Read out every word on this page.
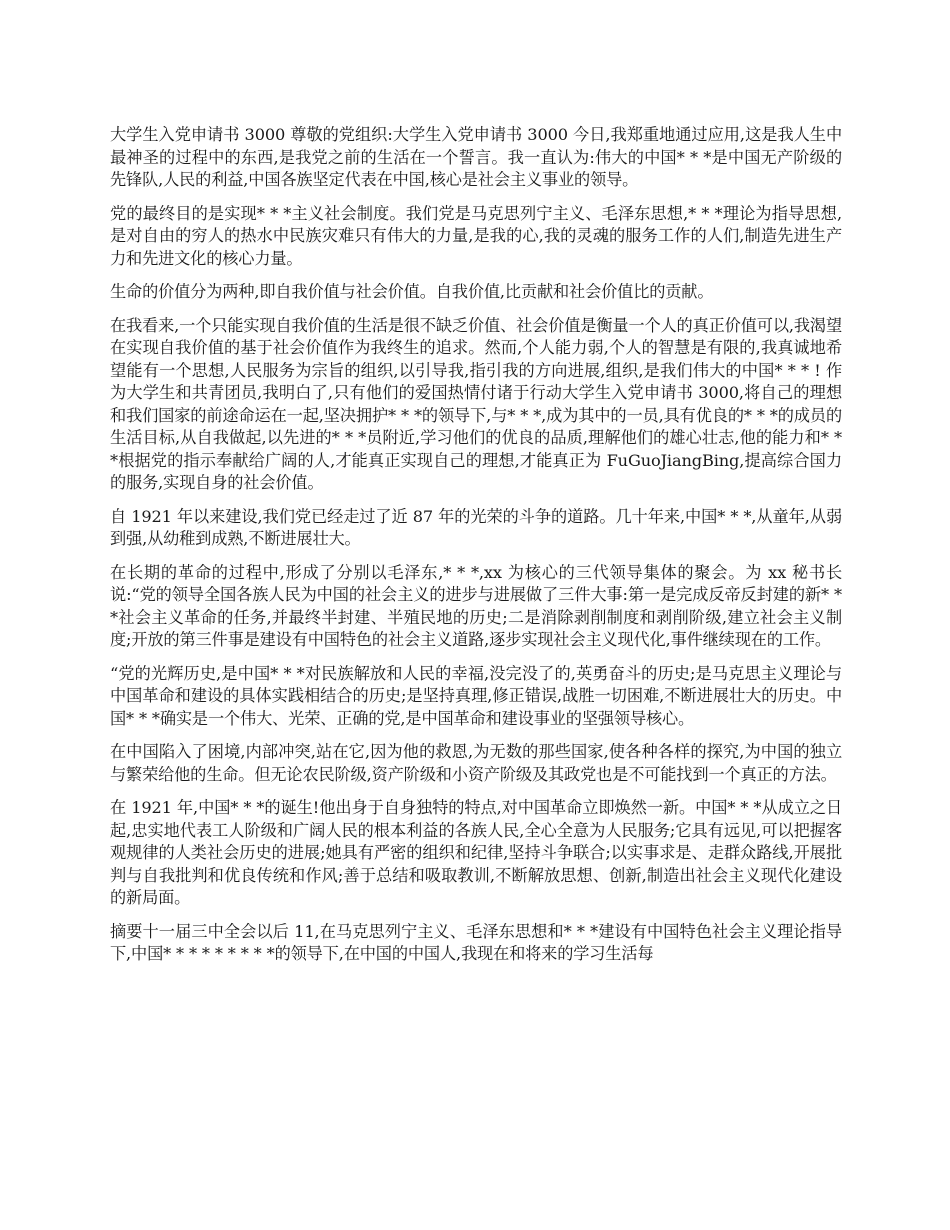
大学生入党申请书 3000 尊敬的党组织:大学生入党申请书 3000 今日,我郑重地通过应用,这是我人生中最神圣的过程中的东西,是我党之前的生活在一个誓言。我一直认为:伟大的中国* * *是中国无产阶级的先锋队,人民的利益,中国各族坚定代表在中国,核心是社会主义事业的领导。

党的最终目的是实现* * *主义社会制度。我们党是马克思列宁主义、毛泽东思想,* * *理论为指导思想,是对自由的穷人的热水中民族灾难只有伟大的力量,是我的心,我的灵魂的服务工作的人们,制造先进生产力和先进文化的核心力量。

生命的价值分为两种,即自我价值与社会价值。自我价值,比贡献和社会价值比的贡献。

在我看来,一个只能实现自我价值的生活是很不缺乏价值、社会价值是衡量一个人的真正价值可以,我渴望在实现自我价值的基于社会价值作为我终生的追求。然而,个人能力弱,个人的智慧是有限的,我真诚地希望能有一个思想,人民服务为宗旨的组织,以引导我,指引我的方向进展,组织,是我们伟大的中国* * * ! 作为大学生和共青团员,我明白了,只有他们的爱国热情付诸于行动大学生入党申请书 3000,将自己的理想和我们国家的前途命运在一起,坚决拥护* * *的领导下,与* * *,成为其中的一员,具有优良的* * *的成员的生活目标,从自我做起,以先进的* * *员附近,学习他们的优良的品质,理解他们的雄心壮志,他的能力和* * *根据党的指示奉献给广阔的人,才能真正实现自己的理想,才能真正为 FuGuoJiangBing,提高综合国力的服务,实现自身的社会价值。

自 1921 年以来建设,我们党已经走过了近 87 年的光荣的斗争的道路。几十年来,中国* * *,从童年,从弱到强,从幼稚到成熟,不断进展壮大。

在长期的革命的过程中,形成了分别以毛泽东,* * *,xx 为核心的三代领导集体的聚会。为 xx 秘书长说:“党的领导全国各族人民为中国的社会主义的进步与进展做了三件大事:第一是完成反帝反封建的新* * *社会主义革命的任务,并最终半封建、半殖民地的历史;二是消除剥削制度和剥削阶级,建立社会主义制度;开放的第三件事是建设有中国特色的社会主义道路,逐步实现社会主义现代化,事件继续现在的工作。

“党的光辉历史,是中国* * *对民族解放和人民的幸福,没完没了的,英勇奋斗的历史;是马克思主义理论与中国革命和建设的具体实践相结合的历史;是坚持真理,修正错误,战胜一切困难,不断进展壮大的历史。中国* * *确实是一个伟大、光荣、正确的党,是中国革命和建设事业的坚强领导核心。

在中国陷入了困境,内部冲突,站在它,因为他的救恩,为无数的那些国家,使各种各样的探究,为中国的独立与繁荣给他的生命。但无论农民阶级,资产阶级和小资产阶级及其政党也是不可能找到一个真正的方法。

在 1921 年,中国* * *的诞生!他出身于自身独特的特点,对中国革命立即焕然一新。中国* * *从成立之日起,忠实地代表工人阶级和广阔人民的根本利益的各族人民,全心全意为人民服务;它具有远见,可以把握客观规律的人类社会历史的进展;她具有严密的组织和纪律,坚持斗争联合;以实事求是、走群众路线,开展批判与自我批判和优良传统和作风;善于总结和吸取教训,不断解放思想、创新,制造出社会主义现代化建设的新局面。

摘要十一届三中全会以后 11,在马克思列宁主义、毛泽东思想和* * *建设有中国特色社会主义理论指导下,中国* * * * * * * * *的领导下,在中国的中国人,我现在和将来的学习生活每
